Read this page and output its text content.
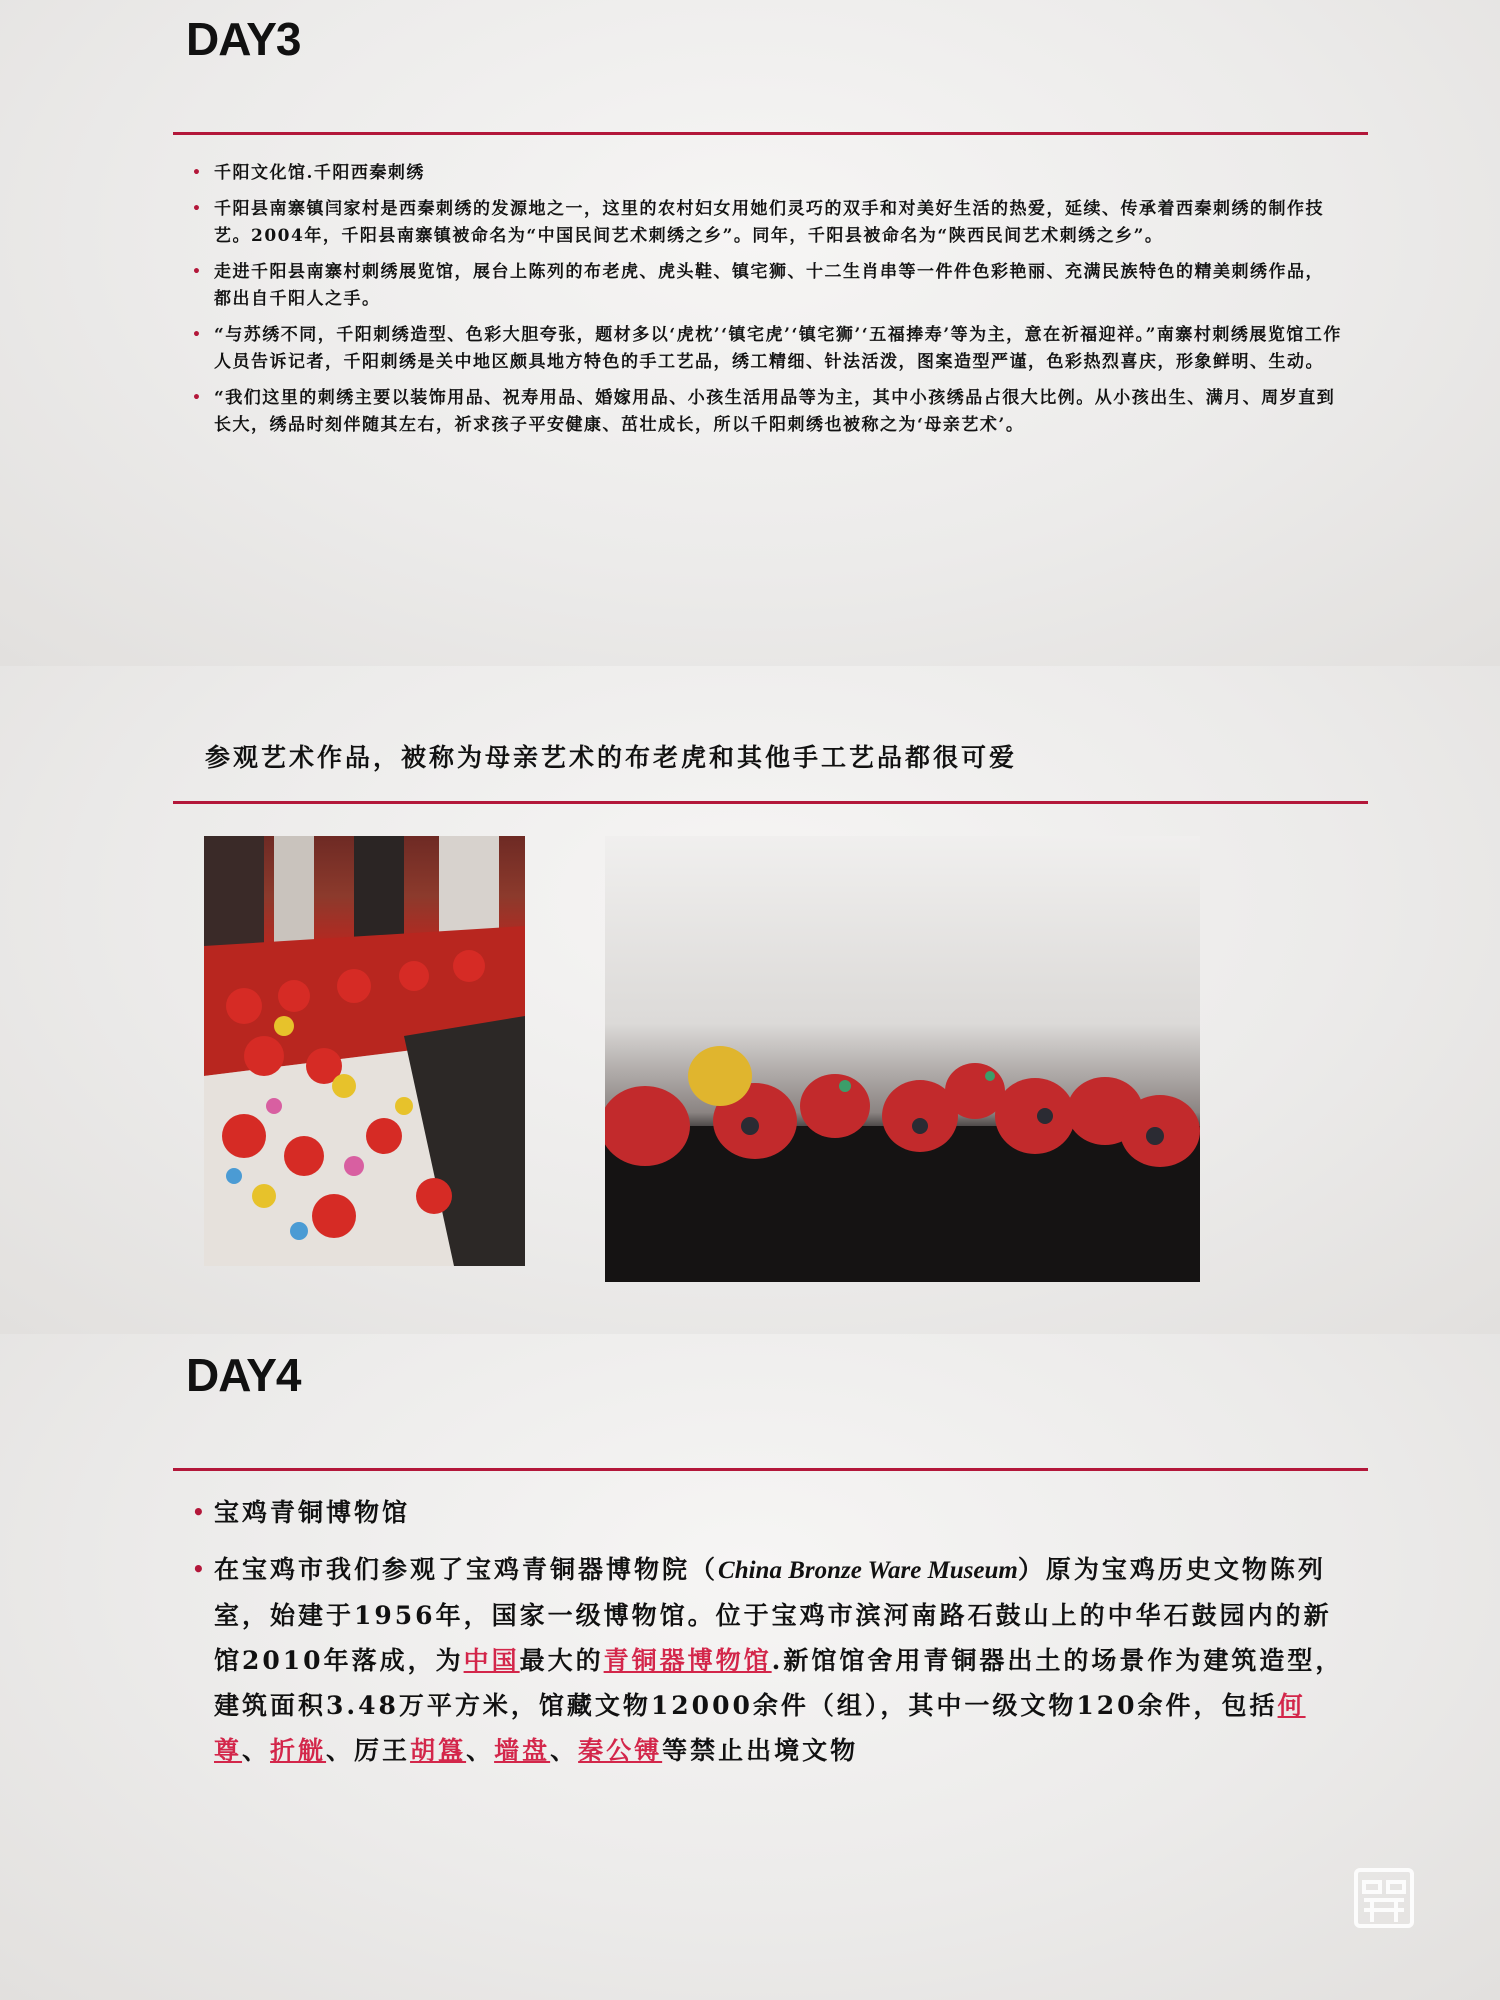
DAY3
• 千阳文化馆.千阳西秦刺绣
• 千阳县南寨镇闫家村是西秦刺绣的发源地之一，这里的农村妇女用她们灵巧的双手和对美好生活的热爱，延续、传承着西秦刺绣的制作技艺。2004年，千阳县南寨镇被命名为“中国民间艺术刺绣之乡”。同年，千阳县被命名为“陕西民间艺术刺绣之乡”。
• 走进千阳县南寨村刺绣展览馆，展台上陈列的布老虎、虎头鞋、镇宅狮、十二生肖串等一件件色彩艳丽、充满民族特色的精美刺绣作品，都出自千阳人之手。
• “与苏绣不同，千阳刺绣造型、色彩大胆夸张，题材多以‘虎枕’‘镇宅虎’‘镇宅狮’‘五福捧寿’等为主，意在祈福迎祥。”南寨村刺绣展览馆工作人员告诉记者，千阳刺绣是关中地区颇具地方特色的手工艺品，绣工精细、针法活泼，图案造型严谨，色彩热烈喜庆，形象鲜明、生动。
• “我们这里的刺绣主要以装饰用品、祝寿用品、婚嫁用品、小孩生活用品等为主，其中小孩绣品占很大比例。从小孩出生、满月、周岁直到长大，绣品时刻伴随其左右，祈求孩子平安健康、茁壮成长，所以千阳刺绣也被称之为‘母亲艺术’。
参观艺术作品，被称为母亲艺术的布老虎和其他手工艺品都很可爱
DAY4
• 宝鸡青铜博物馆
• 在宝鸡市我们参观了宝鸡青铜器博物院（China Bronze Ware Museum）原为宝鸡历史文物陈列室，始建于1956年，国家一级博物馆。位于宝鸡市滨河南路石鼓山上的中华石鼓园内的新馆2010年落成，为中国最大的青铜器博物馆.新馆馆舍用青铜器出土的场景作为建筑造型，建筑面积3.48万平方米，馆藏文物12000余件（组），其中一级文物120余件，包括何尊、折觥、厉王胡簋、墙盘、秦公镈等禁止出境文物
